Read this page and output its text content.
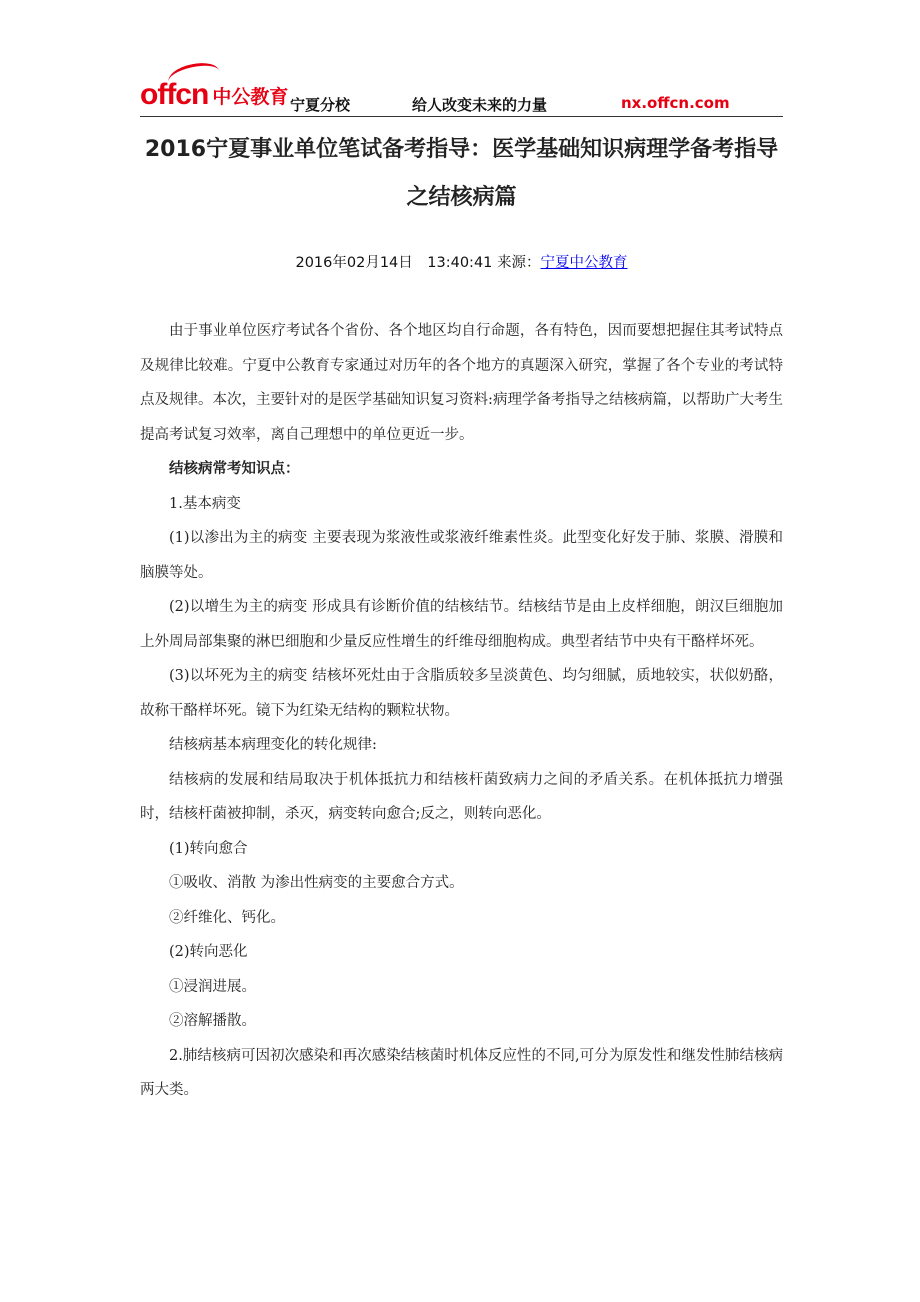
offcn 中公教育 宁夏分校	给人改变未来的力量	nx.offcn.com
2016宁夏事业单位笔试备考指导：医学基础知识病理学备考指导之结核病篇
2016年02月14日　13:40:41 来源：宁夏中公教育

由于事业单位医疗考试各个省份、各个地区均自行命题，各有特色，因而要想把握住其考试特点及规律比较难。宁夏中公教育专家通过对历年的各个地方的真题深入研究，掌握了各个专业的考试特点及规律。本次，主要针对的是医学基础知识复习资料:病理学备考指导之结核病篇，以帮助广大考生提高考试复习效率，离自己理想中的单位更近一步。

结核病常考知识点：

1.基本病变

(1)以渗出为主的病变 主要表现为浆液性或浆液纤维素性炎。此型变化好发于肺、浆膜、滑膜和脑膜等处。

(2)以增生为主的病变 形成具有诊断价值的结核结节。结核结节是由上皮样细胞，朗汉巨细胞加上外周局部集聚的淋巴细胞和少量反应性增生的纤维母细胞构成。典型者结节中央有干酪样坏死。

(3)以坏死为主的病变 结核坏死灶由于含脂质较多呈淡黄色、均匀细腻，质地较实，状似奶酪，故称干酪样坏死。镜下为红染无结构的颗粒状物。

结核病基本病理变化的转化规律:

结核病的发展和结局取决于机体抵抗力和结核杆菌致病力之间的矛盾关系。在机体抵抗力增强时，结核杆菌被抑制，杀灭，病变转向愈合;反之，则转向恶化。

(1)转向愈合

①吸收、消散 为渗出性病变的主要愈合方式。

②纤维化、钙化。

(2)转向恶化

①浸润进展。

②溶解播散。

2.肺结核病可因初次感染和再次感染结核菌时机体反应性的不同,可分为原发性和继发性肺结核病两大类。
